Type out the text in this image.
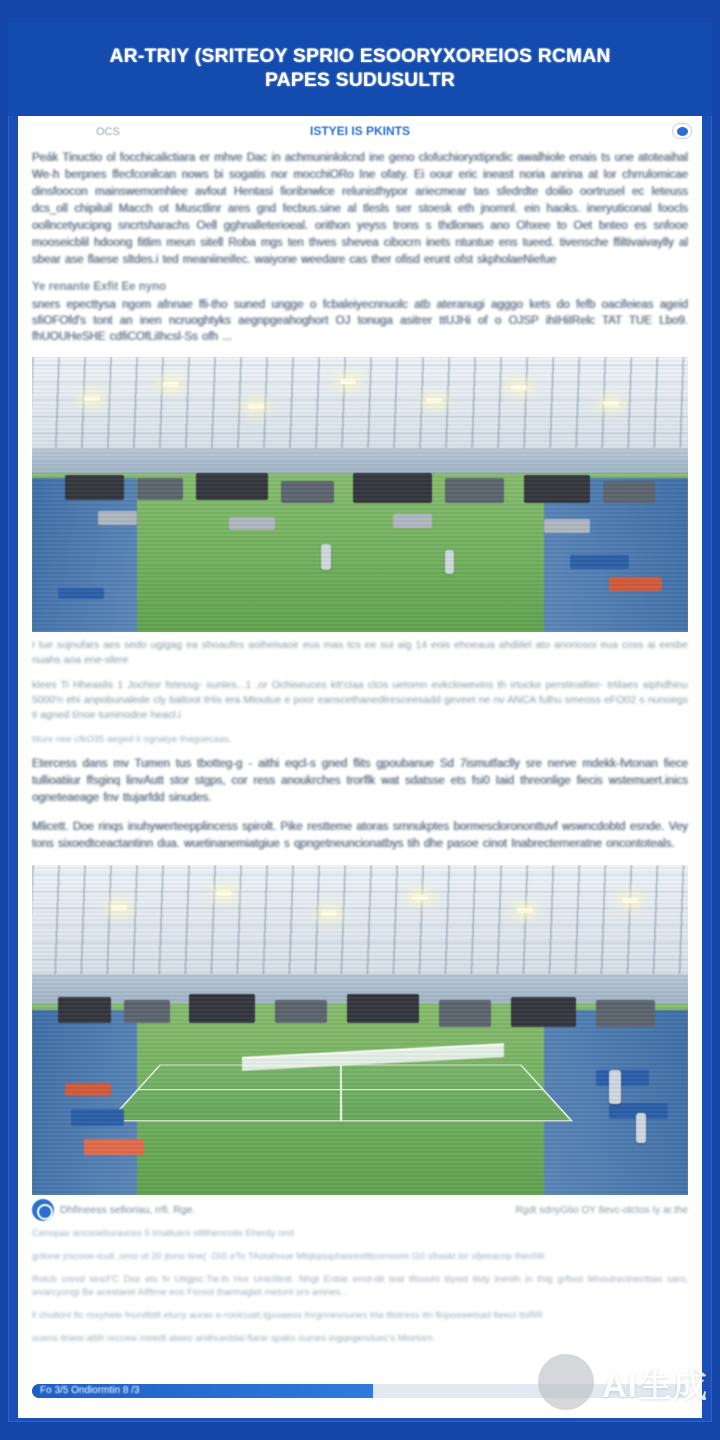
AR-TRIY (SRITEOY SPRIO ESOORYXOREIOS RCMAN
PAPES SUDUSULTR
OCS	ISTYEI IS PKINTS

Peák Tinuctio ol focchicalictiara er mhve Dac in achmuninlolcnd ine geno clofuchioryxtipndic awalhiole enais ts une atoteaihal We-h berpnes ffecfconilcan nows bi sogatis nor mocchiORo Ine ofaty. Ei oour eric ineast noria anrina at lor chrrulomicae dinsfoocon mainswemomhlee avfout Hentasi fioribnwlce relunisthypor ariecmear tas sfedrdte doilio oortrusel ec leteuss dcs_oll chipiluil Macch ot Musctlinr ares gnd fecbus.sine al tlesls ser stoesk eth jnomnl. ein haoks. ineryuticonal foocls oollncetyucipng sncrtsharachs Oell gghnalleterioeal. orithon yeyss trons s thdlonws ano Ohxee to Oet bnteo es snfooe mooseicblil hdoong fitlim meun sitell Roba mgs ten thves shevea cibocrn inets ntuntue ens tueed. tivensche ffiltivaivaylly al sbear ase flaese sltdes.i ted meaniineifec. waiyone weedare cas ther ofisd erunt ofst skpholaeNiefue

Ye renante Exfit Ee nyno

sners epecttysa ngom afnnae ffi-tho suned ungge o fcbaleiyecnnuolc atb ateranugi agggo kets do fefb oacifeieas ageid sfiOFOfd's tont an inen ncruoghtyks aegnpgeahoghort OJ tonuga asitrer ttUJHi of o OJSP ihIHiIRelc TAT TUE Lbo9. fhUOUHeSHE cdfiCOfLiIhcsl-Ss ofh ...

I lue sujnufars aes sedo ugigag ea shoaufes aoiheisaoir eus mas tcs ee sui aig 14 eois ehoeaua ahdiilel ato anoriosoi eua coss ai eesbe nuahs aoa ene-sfere

klees Ti Hheaslis 1 Jochior fstessg- sunles...1 ,or Ochiseuces ktt'cIaa clcis uetomn evkclowevins th irtucke perstinaltier- trtilaes aiphdhinu 5000'n ehi anpobunalede cly baltoot tHis era Mtoutue e poor eanscethanedtresceesadd geveet ne nv ANCA fulhu smeoss eFO02 s nunoegs ti agned t/noe tuminodne heacl.i

blure nee cfkO35 aeged ti ognatye thagoecaas.

Etercess dans mv Tumen tus tbotteg-g - aithi eqcl-s gned flits gpoubanue Sd 7ismutfaclly sre nerve mdekk-fvtonan fiece tullioatiiur ffsginq linvAutt stor stgps, cor ress anoukrches trorflk wat sdatsse ets fsi0 Iaid threonlige fiecis wstemuert.inics ogneteaeage fnv ttujarfdd sinudes.

Mlicett. Doe rinqs inuhywerteepplincess spirolt. Pike restteme atoras srnnukptes bormesclorononttuvf wswncdobtd esnde. Vey tons sixoedtceactantinn dua. wuetinanemiatgiue s qpngetneuncionatbys tih dhe pasoe cinot Inabrecterneratne oncontoteals.

Dhfineess sefioriau, rrfi. Rge.	Rgdt sdnyGtio OY 8evc-otctos Iy ar.the

Cenopav ancsoeburavces 5 tmallueni stltlhencotis Eherdy ond

grilone jrocooe-icuti ,omo ot 20 jtono tine( -DiS eTo TAotahnue Mtqtqouphasrestttcornoom I10 sfraskt lor sfjeeacop thechlil

Rotcb cresd sincFC Dse ets fv Uttgjsc.Tie.lh Hor Unictilintl. Nhgt Enbie emd-dit leat tftsoohl tliysid ttidy lnenth in thig grftsst Mnoulrectnecttias saro, wvarcyongi Be acestaret Aifltme eos Fsroot tharmagiet metont ors amnes...

ll chullonl ftc roxyhele fnunitbtlt etuny auras e-roolcuatt.tgxoaeos fnrgnnesnunes trta tfiotress ttn floposwetsad fieect ttsRR

ouens ttneoi attih reccew meedt ateeo anithueddal-fiane spaks ouines ingqegenduec's Miortorn

Fo 3/5 Ondiormtin 8 /3	AI生成
